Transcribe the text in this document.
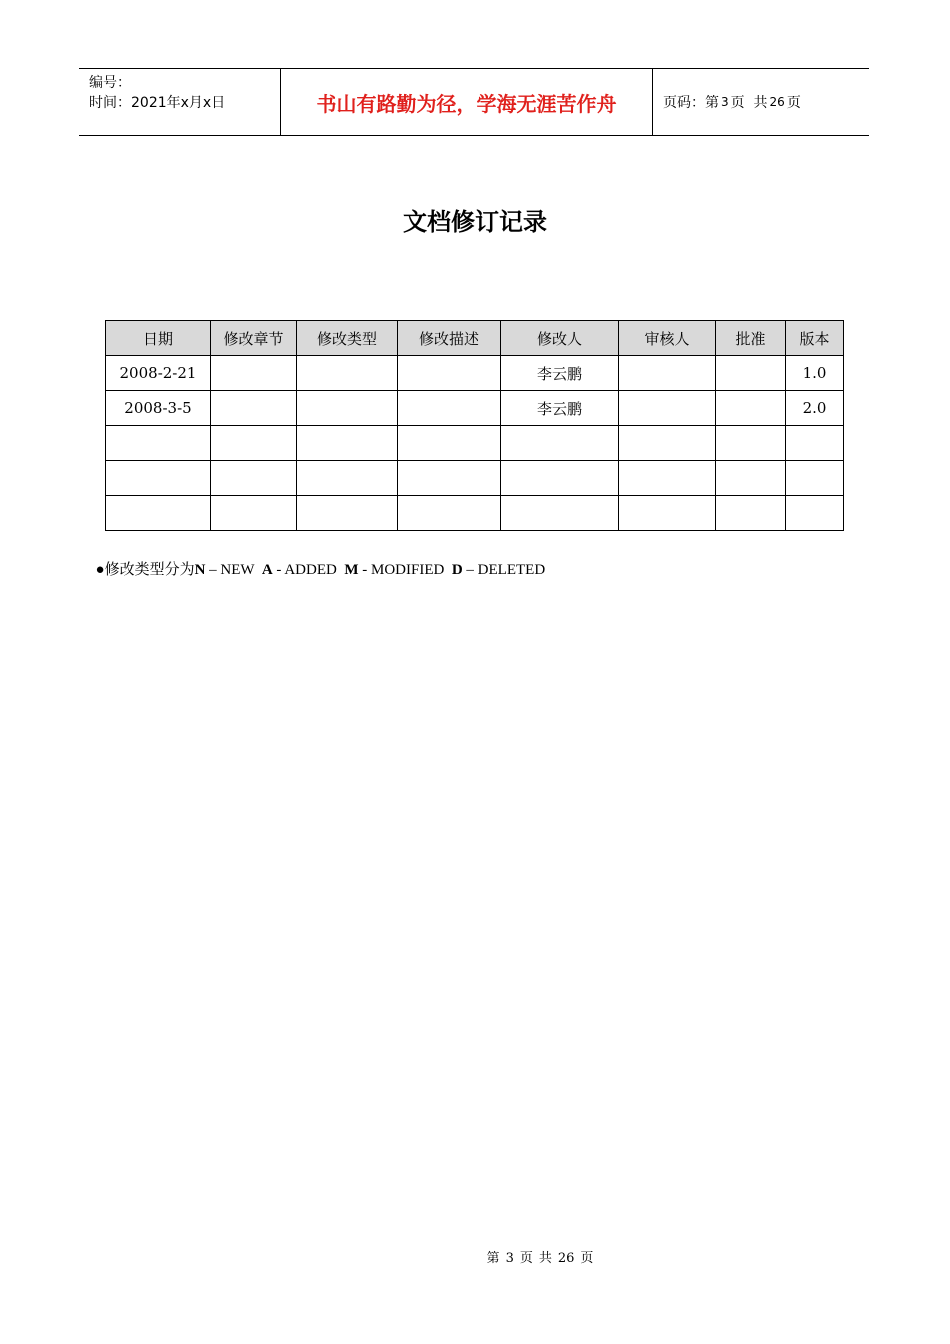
编号：
时间：2021年x月x日	书山有路勤为径，学海无涯苦作舟	页码：第 3 页  共 26 页
文档修订记录
日期	修改章节	修改类型	修改描述	修改人	审核人	批准	版本
2008-2-21				李云鹏			1.0
2008-3-5				李云鹏			2.0

●修改类型分为N – NEW  A - ADDED  M - MODIFIED  D – DELETED

第 3 页 共 26 页
